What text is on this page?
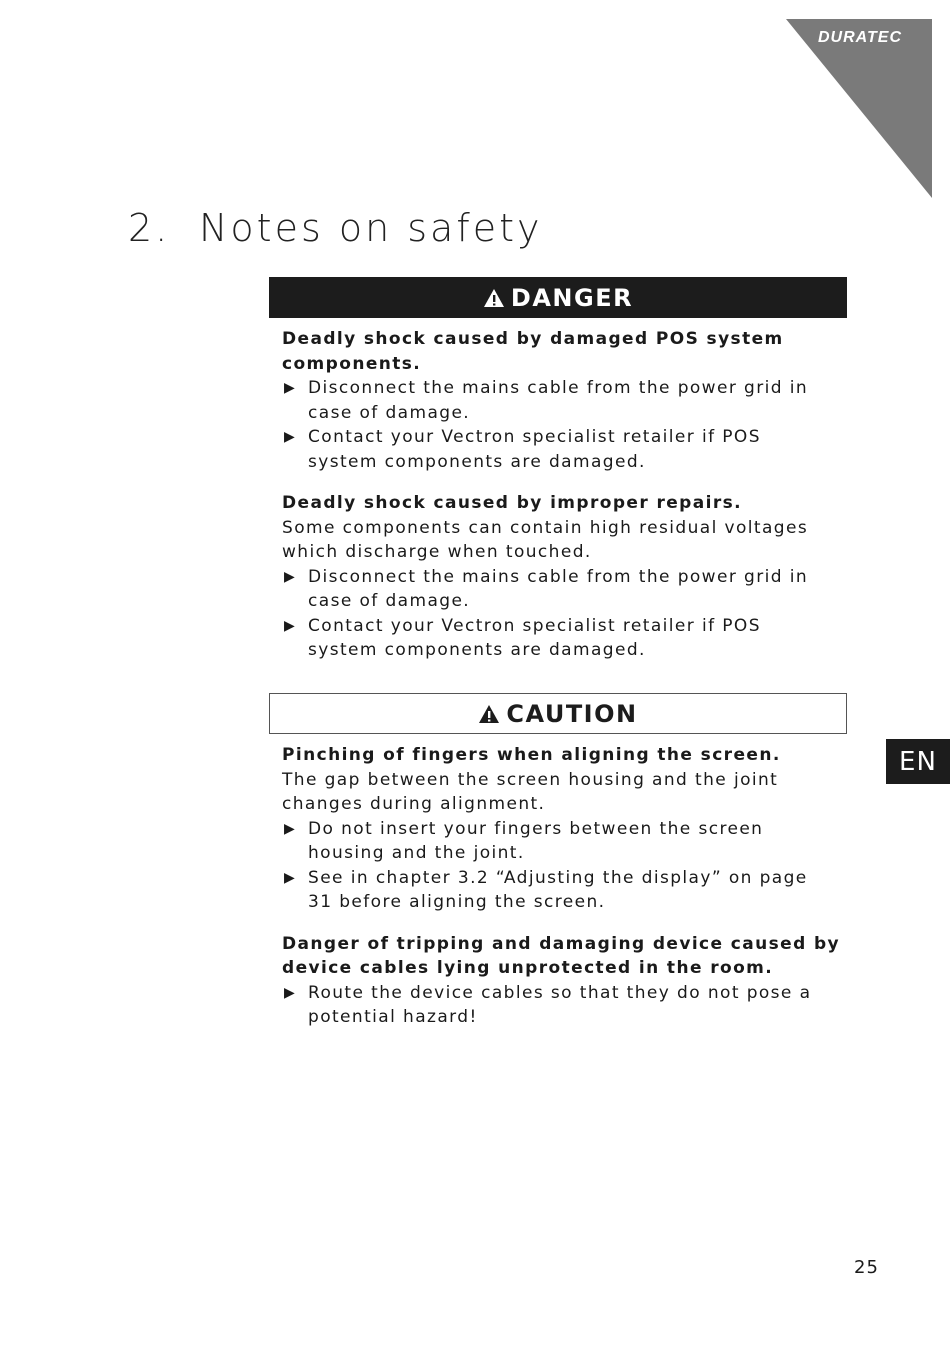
DURATEC
2. Notes on safety
DANGER
Deadly shock caused by damaged POS system
components.
▶ Disconnect the mains cable from the power grid in
case of damage.
▶ Contact your Vectron specialist retailer if POS
system components are damaged.
Deadly shock caused by improper repairs.
Some components can contain high residual voltages
which discharge when touched.
▶ Disconnect the mains cable from the power grid in
case of damage.
▶ Contact your Vectron specialist retailer if POS
system components are damaged.
CAUTION
Pinching of fingers when aligning the screen.
The gap between the screen housing and the joint
changes during alignment.
▶ Do not insert your fingers between the screen
housing and the joint.
▶ See in chapter 3.2 “Adjusting the display” on page
31 before aligning the screen.
Danger of tripping and damaging device caused by
device cables lying unprotected in the room.
▶ Route the device cables so that they do not pose a
potential hazard!
EN
25
